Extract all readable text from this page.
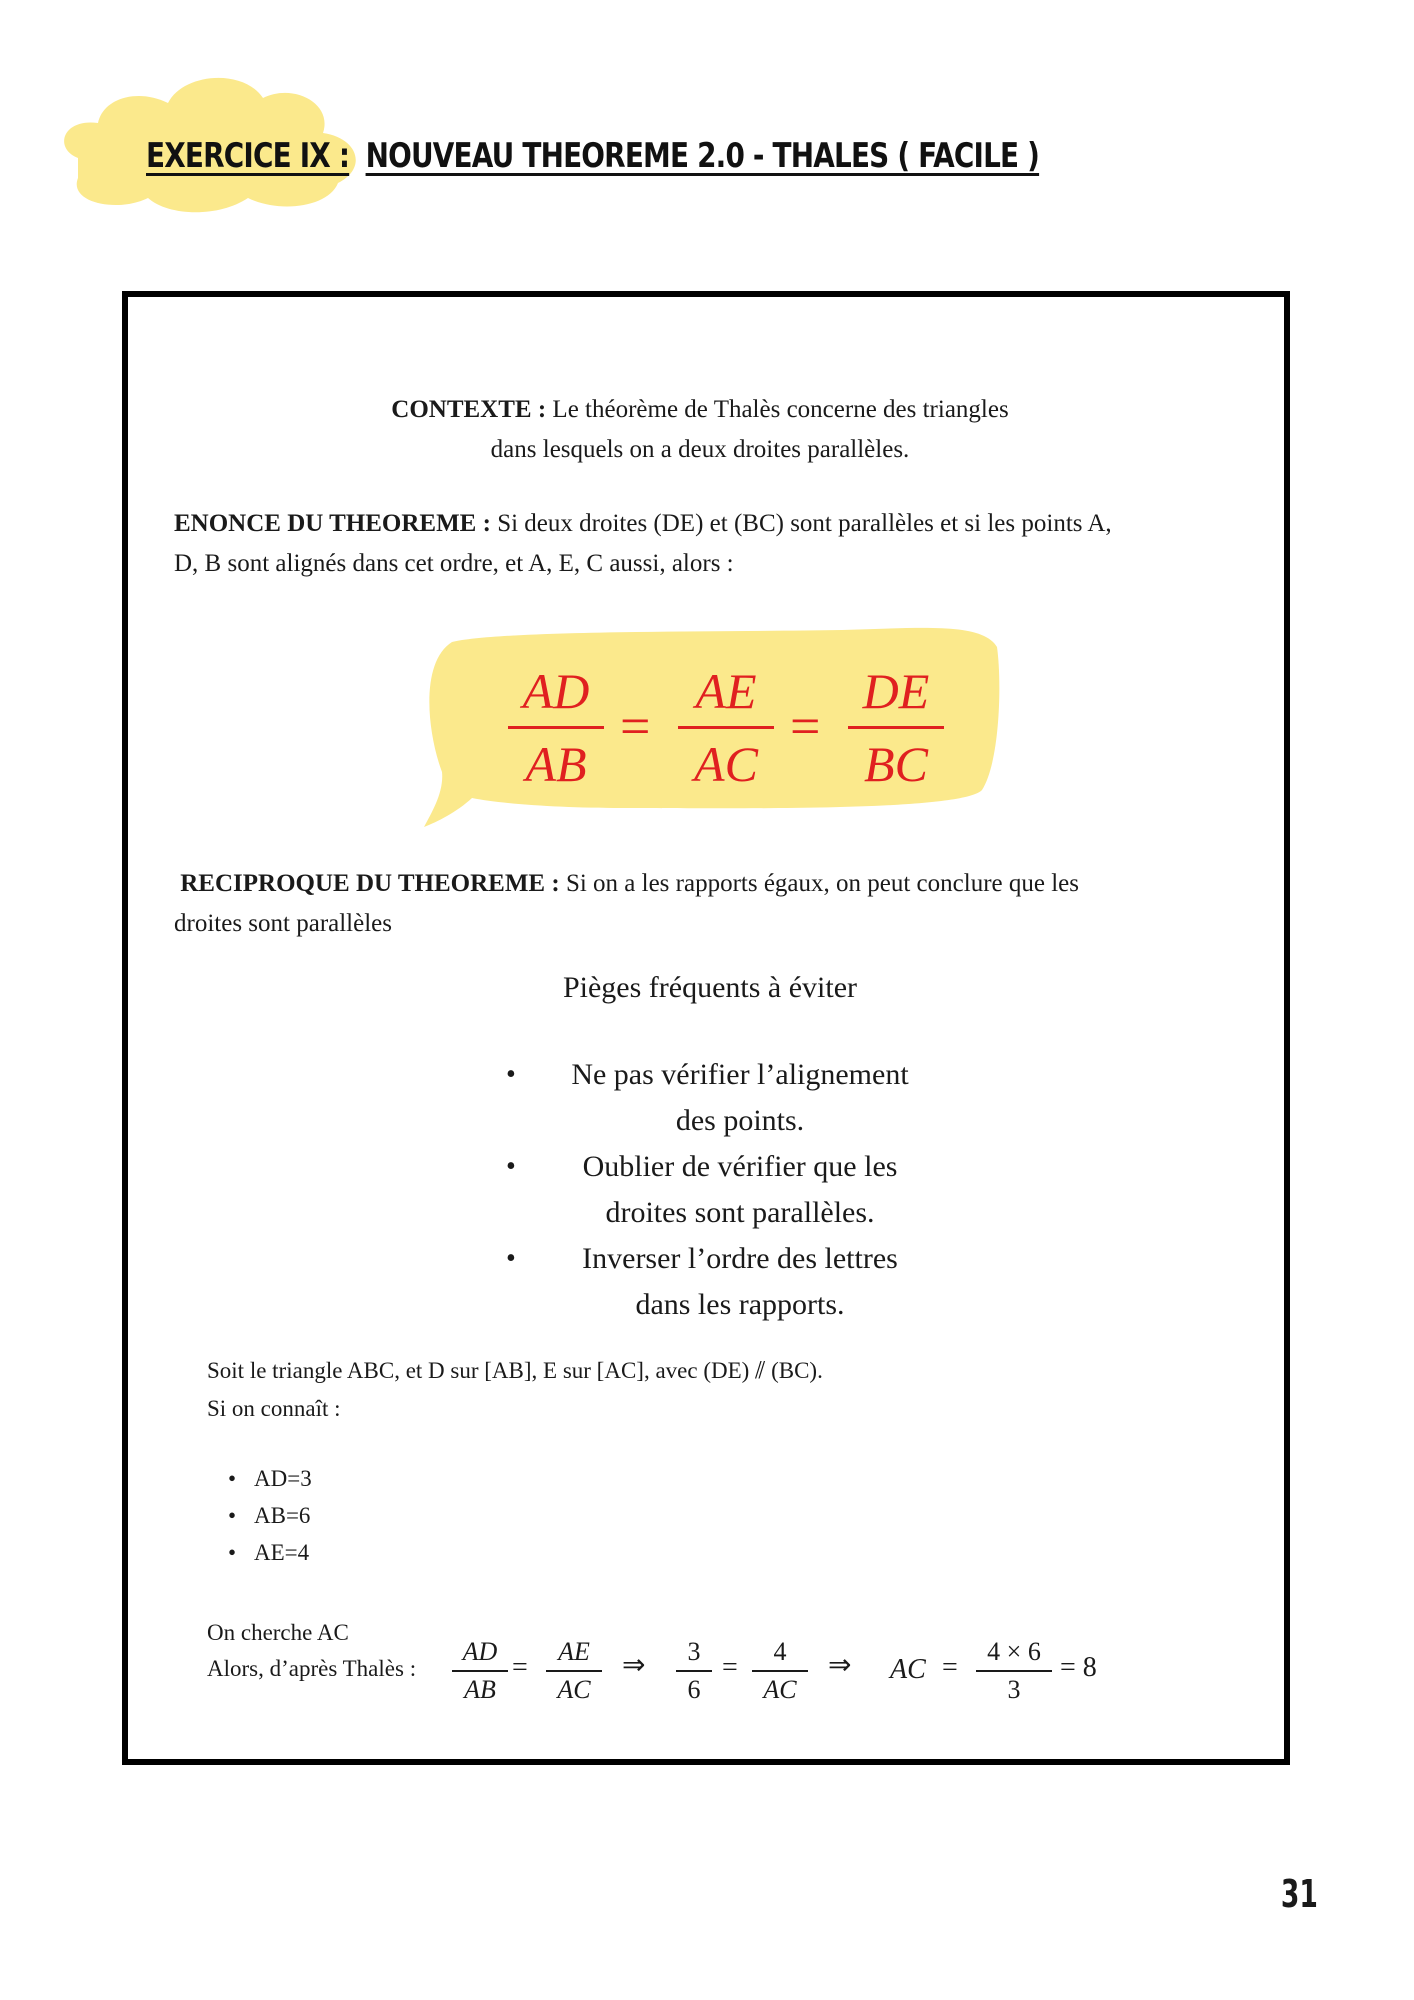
EXERCICE IX : NOUVEAU THEOREME 2.0 - THALES ( FACILE )

CONTEXTE : Le théorème de Thalès concerne des triangles
dans lesquels on a deux droites parallèles.

ENONCE DU THEOREME : Si deux droites (DE) et (BC) sont parallèles et si les points A,
D, B sont alignés dans cet ordre, et A, E, C aussi, alors :

AD
AB
=
AE
AC
=
DE
BC

RECIPROQUE DU THEOREME : Si on a les rapports égaux, on peut conclure que les
droites sont parallèles

Pièges fréquents à éviter

• Ne pas vérifier l’alignement
des points.
• Oublier de vérifier que les
droites sont parallèles.
• Inverser l’ordre des lettres
dans les rapports.

Soit le triangle ABC, et D sur [AB], E sur [AC], avec (DE) ⫽ (BC).
Si on connaît :

• AD=3
• AB=6
• AE=4

On cherche AC

Alors, d’après Thalès :

AD
AB
=
AE
AC
⇒	3
6
=
4
AC
⇒ AC =
4 × 6
3
= 8
31
